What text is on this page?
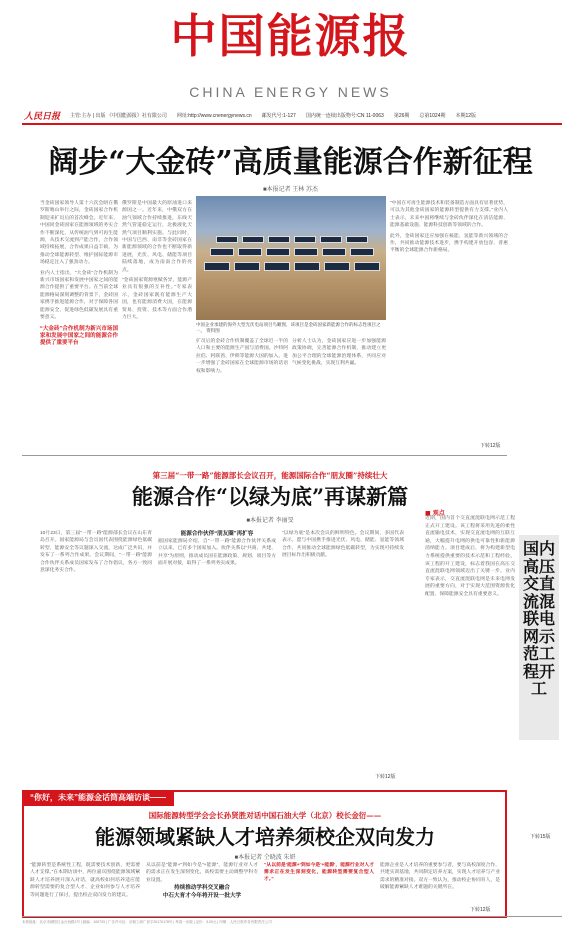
中国能源报
CHINA ENERGY NEWS
人民日报 主管:主办 | 出版 《中国能源报》社有限公司 网址:http://www.cnenergynews.cn 邮发代号:1-127 国内统一连续出版物号:CN 11-0063 第26期 总第1024期 本期12版
阔步“大金砖”高质量能源合作新征程
■本报记者 王林 苏杰
当金砖国家领导人第十六次会晤在俄罗斯喀山举行之际，金砖国家合作机制迎来扩员后的首次峰会。近年来，中国同金砖国家在能源领域的务实合作不断深化，从传统油气到可再生能源，从技术交流到产能合作，合作领域持续拓展，合作成果日益丰硕，为推动全球能源转型、维护国际能源市场稳定注入了强劲动力。
业内人士指出，“大金砖”合作机制为新兴市场国家和发展中国家之间的能源合作提供了重要平台。在当前全球能源格局深刻调整的背景下，金砖国家携手推进能源合作，对于保障各国能源安全、促进绿色低碳发展具有重要意义。
“大金砖”合作机制为新兴市场国家和发展中国家之间的能源合作提供了重要平台
俄罗斯是中国最大的原油进口来源国之一。近年来，中俄双方在油气领域合作持续推进，东线天然气管道稳定运行，北极液化天然气项目顺利实施。与此同时，中国与巴西、南非等金砖国家在新能源领域的合作也不断取得新进展，光伏、风电、储能等项目陆续落地，成为南南合作的亮点。
“金砖国家资源禀赋各异，能源产业具有很强的互补性。”专家表示，金砖国家既有能源生产大国，也有能源消费大国，在能源贸易、投资、技术等方面合作潜力巨大。
中国企业承建的海外大型光伏电站项目鸟瞰图，该项目是金砖国家新能源合作的标志性项目之一。 资料图
扩员后的金砖合作机制覆盖了全球近一半的人口和主要的能源生产国与消费国。沙特阿拉伯、阿联酋、伊朗等能源大国的加入，进一步增强了金砖国家在全球能源市场的话语权和影响力。
分析人士认为，金砖国家应进一步加强能源政策协调，完善能源合作机制，推动建立更加公平合理的全球能源治理体系，共同应对气候变化挑战，实现互利共赢。
“中国在可再生能源技术和装备制造方面具有显著优势，可以为其他金砖国家的能源转型提供有力支撑。”业内人士表示，未来中国将继续与金砖伙伴深化在清洁能源、能源基础设施、能源科技创新等领域的合作。
此外，金砖国家还应加强在核能、氢能等新兴领域的合作，共同推动能源技术进步，携手构建开放包容、普惠平衡的全球能源合作新格局。
下转12版
第三届“一带一路”能源部长会议召开，能源国际合作“朋友圈”持续壮大
能源合作“以绿为底”再谋新篇
■本报记者 李丽旻
10月23日，第三届“一带一路”能源部长会议在山东青岛召开。国家能源局与会员国代表围绕能源绿色低碳转型、能源安全等议题深入交流，达成广泛共识，并发布了一系列合作成果。会议期间，“一带一路”能源合作伙伴关系成员国家发布了合作倡议，各方一致同意深化务实合作。
能源合作伙伴“朋友圈”再扩容
据国家能源局介绍，自“一带一路”能源合作伙伴关系成立以来，已有多个国家加入。伙伴关系以“共商、共建、共享”为原则，推动成员国在能源政策、规划、项目等方面开展对接，取得了一系列务实成果。
“以绿为底”是本次会议的鲜明特色。会议期间，多国代表表示，愿与中国携手推进光伏、风电、储能、氢能等领域合作，共同推动全球能源绿色低碳转型，为实现可持续发展目标作出积极贡献。
下转12版
■ 观点
近期，国内首个交直流混联电网示范工程正式开工建设。该工程将采用先进的柔性直流输电技术，实现交直流电网的互联互通，大幅提升电网的供电可靠性和新能源消纳能力。项目建成后，将为构建新型电力系统提供重要的技术示范和工程经验。该工程的开工建设，标志着我国在高压交直流混联电网领域迈出了关键一步。业内专家表示，交直流混联电网是未来电网发展的重要方向，对于实现大范围资源优化配置、保障能源安全具有重要意义。
国内高压交直流混联电网示范工程开工
下转15版
“你好，未来”能源金话筒高端访谈——
国际能源转型学会会长孙贤胜对话中国石油大学（北京）校长金衍——
能源领域紧缺人才培养须校企双向发力
■本报记者 仝晓波 朱妍
“能源转型是系统性工程，既需要技术创新，更需要人才支撑。”在本期访谈中，两位嘉宾围绕能源领域紧缺人才培养展开深入对话，就高校如何培养适应能源转型需要的复合型人才、企业如何参与人才培养等问题进行了探讨，提出校企双向发力的建议。
从以前是“能源+”到如今是“+能源”，能源行业对人才的需求正在发生深刻变化，高校需要主动调整学科专业设置。
持续推动学科交叉融合
中石大育才今年将开设一批大学
“从以前是‘能源+’到如今是‘+能源’，能源行业对人才需求正在发生深刻变化，能源转型需要复合型人才。”
能源企业是人才培养的重要参与者，要与高校深度合作，共建实训基地，共同制定培养方案，实现人才培养与产业需求的精准对接。双方一致认为，推动校企协同育人，是破解能源紧缺人才难题的关键所在。
下转12版
本报地址：北京市朝阳区金台西路2号 | 邮编：100733 | 广告许可证：京朝工商广登字20170178号 | 每周一出版 | 定价：3.00元 | 印刷：人民日报印务有限责任公司
